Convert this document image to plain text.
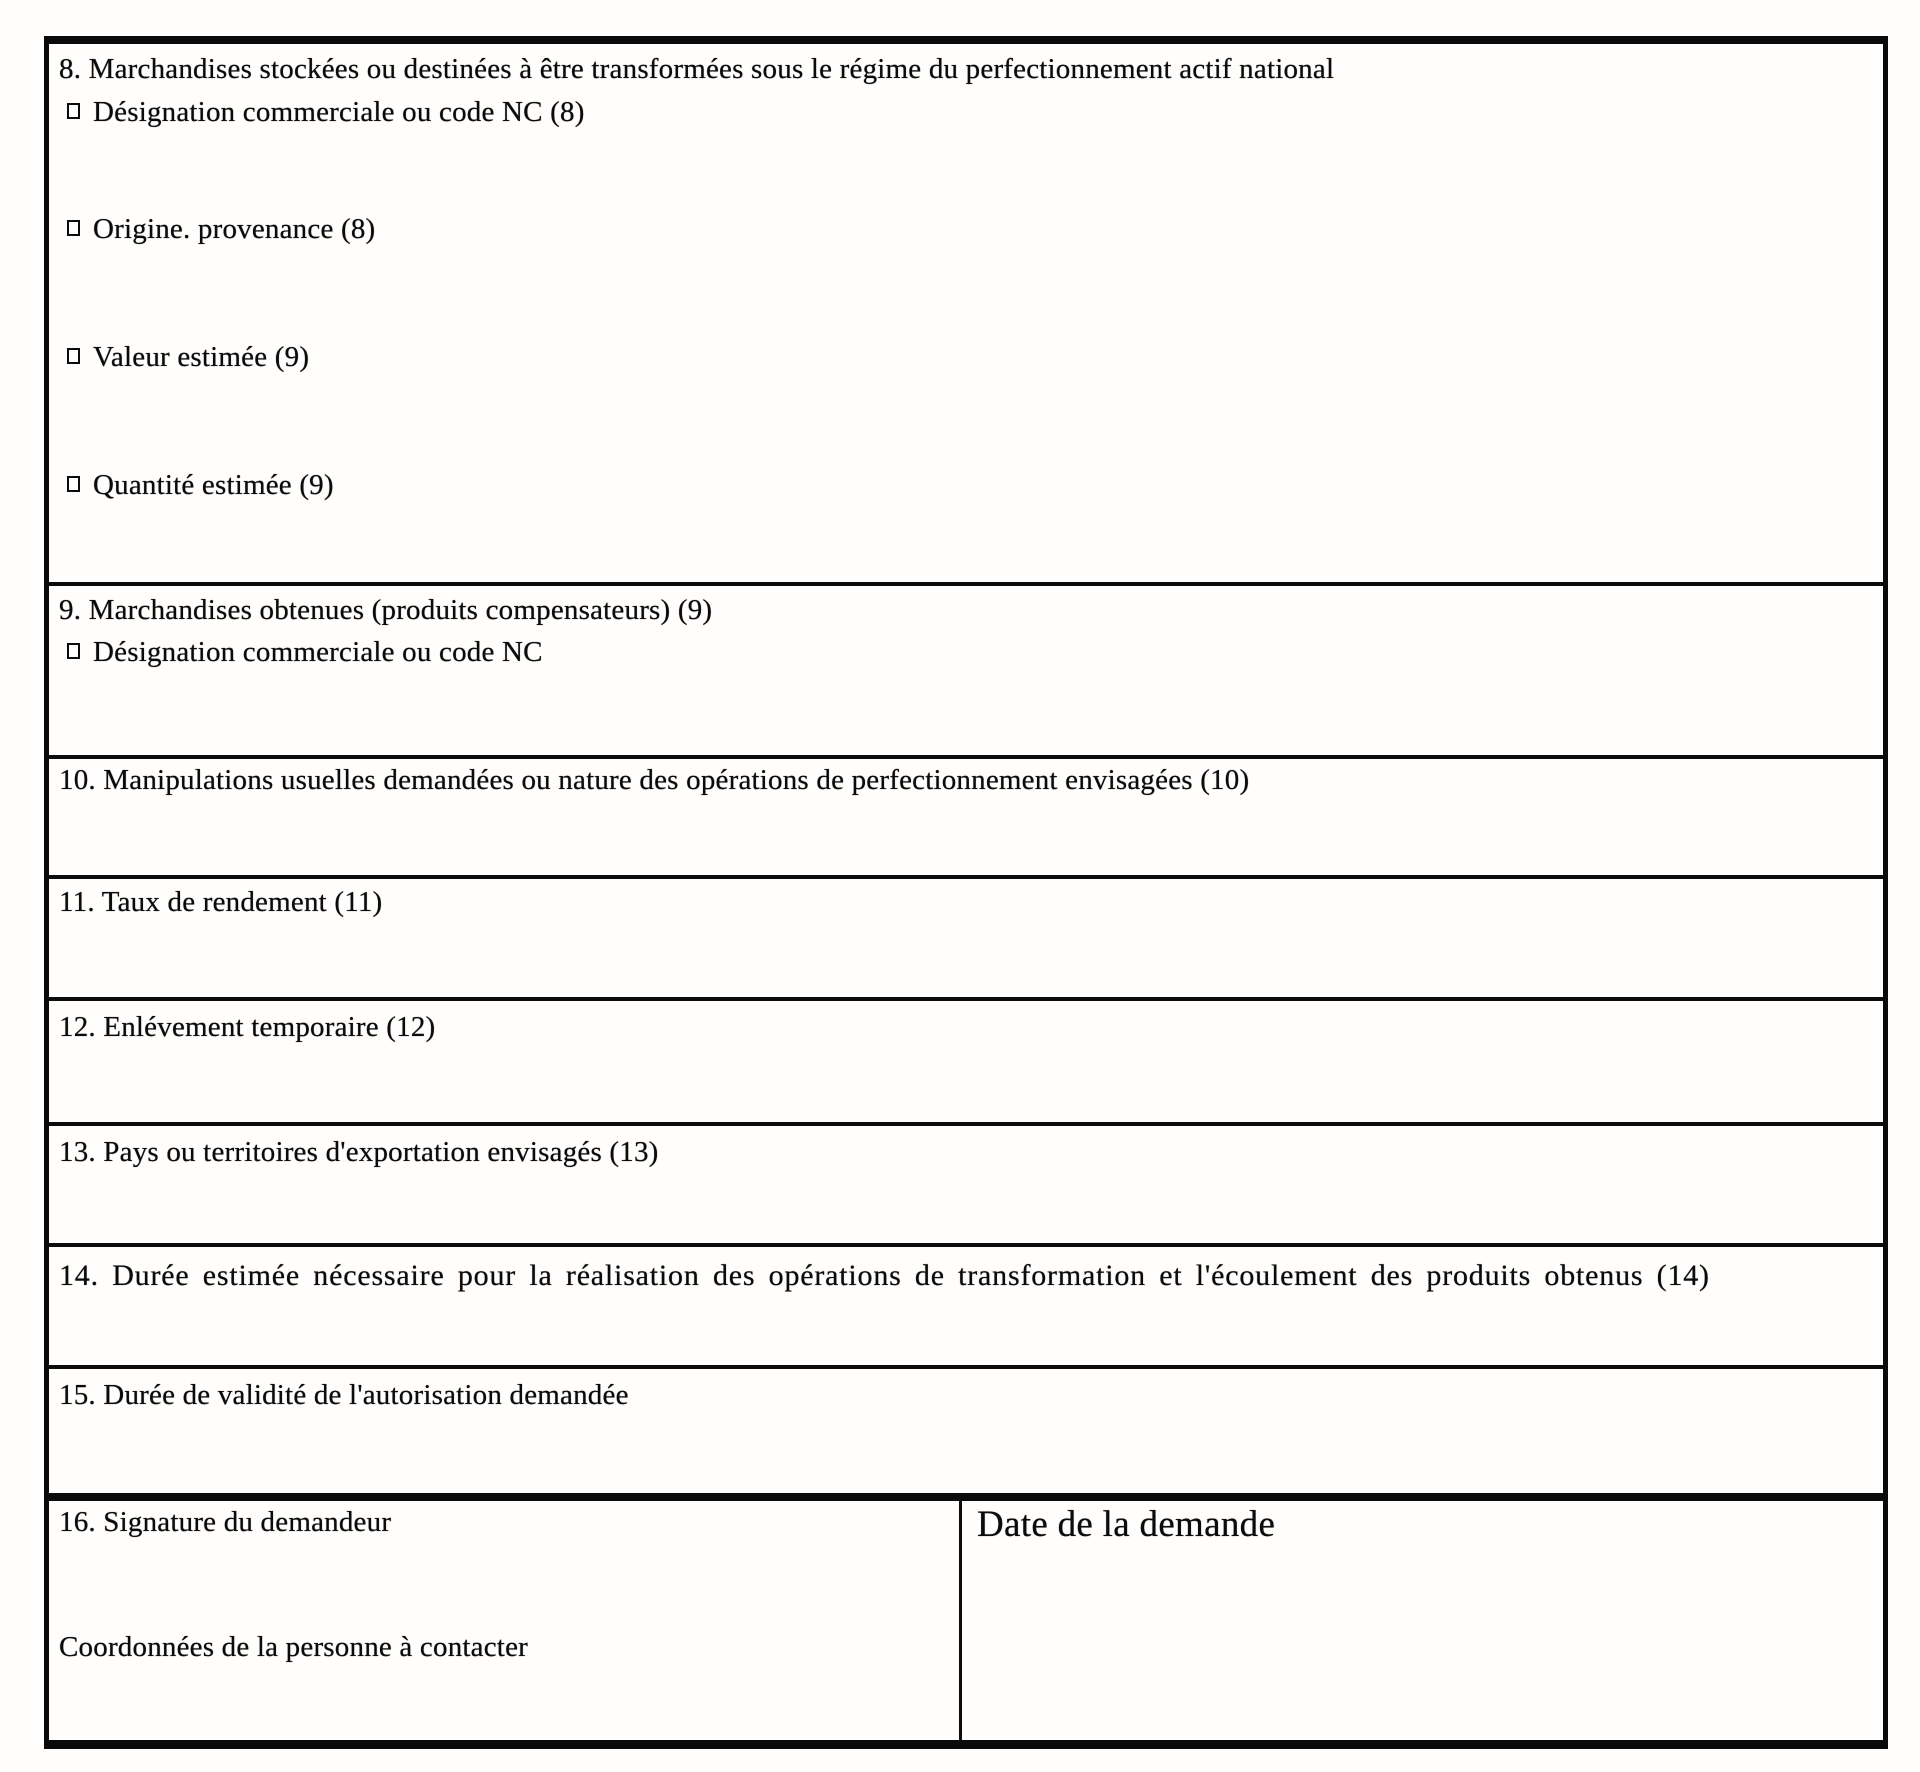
8. Marchandises stockées ou destinées à être transformées sous le régime du perfectionnement actif national
Désignation commerciale ou code NC (8)
Origine. provenance (8)
Valeur estimée (9)
Quantité estimée (9)
9. Marchandises obtenues (produits compensateurs) (9)
Désignation commerciale ou code NC
10. Manipulations usuelles demandées ou nature des opérations de perfectionnement envisagées (10)
11. Taux de rendement (11)
12. Enlévement temporaire (12)
13. Pays ou territoires d'exportation envisagés (13)
14. Durée estimée nécessaire pour la réalisation des opérations de transformation et l'écoulement des produits obtenus (14)
15. Durée de validité de l'autorisation demandée
16. Signature du demandeur
Coordonnées de la personne à contacter
Date de la demande
